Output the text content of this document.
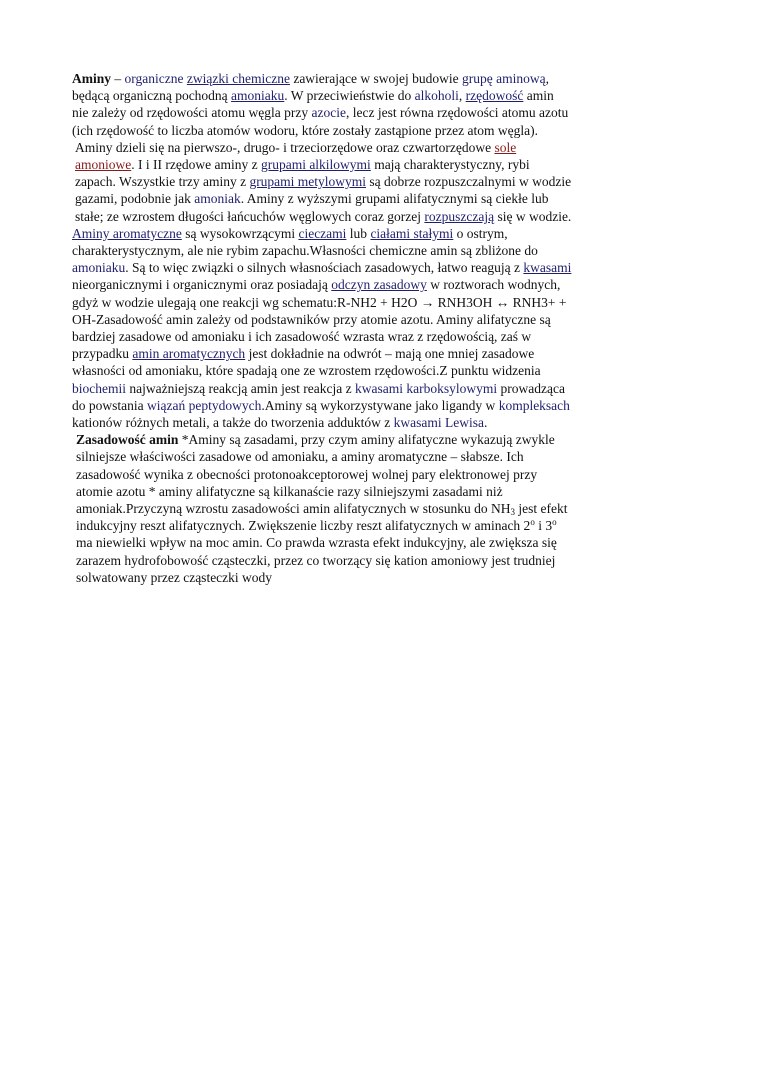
Aminy – organiczne związki chemiczne zawierające w swojej budowie grupę aminową, będącą organiczną pochodną amoniaku. W przeciwieństwie do alkoholi, rzędowość amin nie zależy od rzędowości atomu węgla przy azocie, lecz jest równa rzędowości atomu azotu (ich rzędowość to liczba atomów wodoru, które zostały zastąpione przez atom węgla).

Aminy dzieli się na pierwszo-, drugo- i trzeciorzędowe oraz czwartorzędowe sole amoniowe. I i II rzędowe aminy z grupami alkilowymi mają charakterystyczny, rybi zapach. Wszystkie trzy aminy z grupami metylowymi są dobrze rozpuszczalnymi w wodzie gazami, podobnie jak amoniak. Aminy z wyższymi grupami alifatycznymi są ciekłe lub stałe; ze wzrostem długości łańcuchów węglowych coraz gorzej rozpuszczają się w wodzie.

Aminy aromatyczne są wysokowrzącymi cieczami lub ciałami stałymi o ostrym, charakterystycznym, ale nie rybim zapachu.Własności chemiczne amin są zbliżone do amoniaku. Są to więc związki o silnych własnościach zasadowych, łatwo reagują z kwasami nieorganicznymi i organicznymi oraz posiadają odczyn zasadowy w roztworach wodnych, gdyż w wodzie ulegają one reakcji wg schematu:R-NH2 + H2O → RNH3OH ↔ RNH3+ + OH-Zasadowość amin zależy od podstawników przy atomie azotu. Aminy alifatyczne są bardziej zasadowe od amoniaku i ich zasadowość wzrasta wraz z rzędowością, zaś w przypadku amin aromatycznych jest dokładnie na odwrót – mają one mniej zasadowe własności od amoniaku, które spadają one ze wzrostem rzędowości.Z punktu widzenia biochemii najważniejszą reakcją amin jest reakcja z kwasami karboksylowymi prowadząca do powstania wiązań peptydowych.Aminy są wykorzystywane jako ligandy w kompleksach kationów różnych metali, a także do tworzenia adduktów z kwasami Lewisa.

Zasadowość amin *Aminy są zasadami, przy czym aminy alifatyczne wykazują zwykle silniejsze właściwości zasadowe od amoniaku, a aminy aromatyczne – słabsze. Ich zasadowość wynika z obecności protonoakceptorowej wolnej pary elektronowej przy atomie azotu * aminy alifatyczne są kilkanaście razy silniejszymi zasadami niż amoniak.Przyczyną wzrostu zasadowości amin alifatycznych w stosunku do $NH_3$ jest efekt indukcyjny reszt alifatycznych. Zwiększenie liczby reszt alifatycznych w aminach 2$^o$ i 3$^o$ ma niewielki wpływ na moc amin. Co prawda wzrasta efekt indukcyjny, ale zwiększa się zarazem hydrofobowość cząsteczki, przez co tworzący się kation amoniowy jest trudniej solwatowany przez cząsteczki wody
